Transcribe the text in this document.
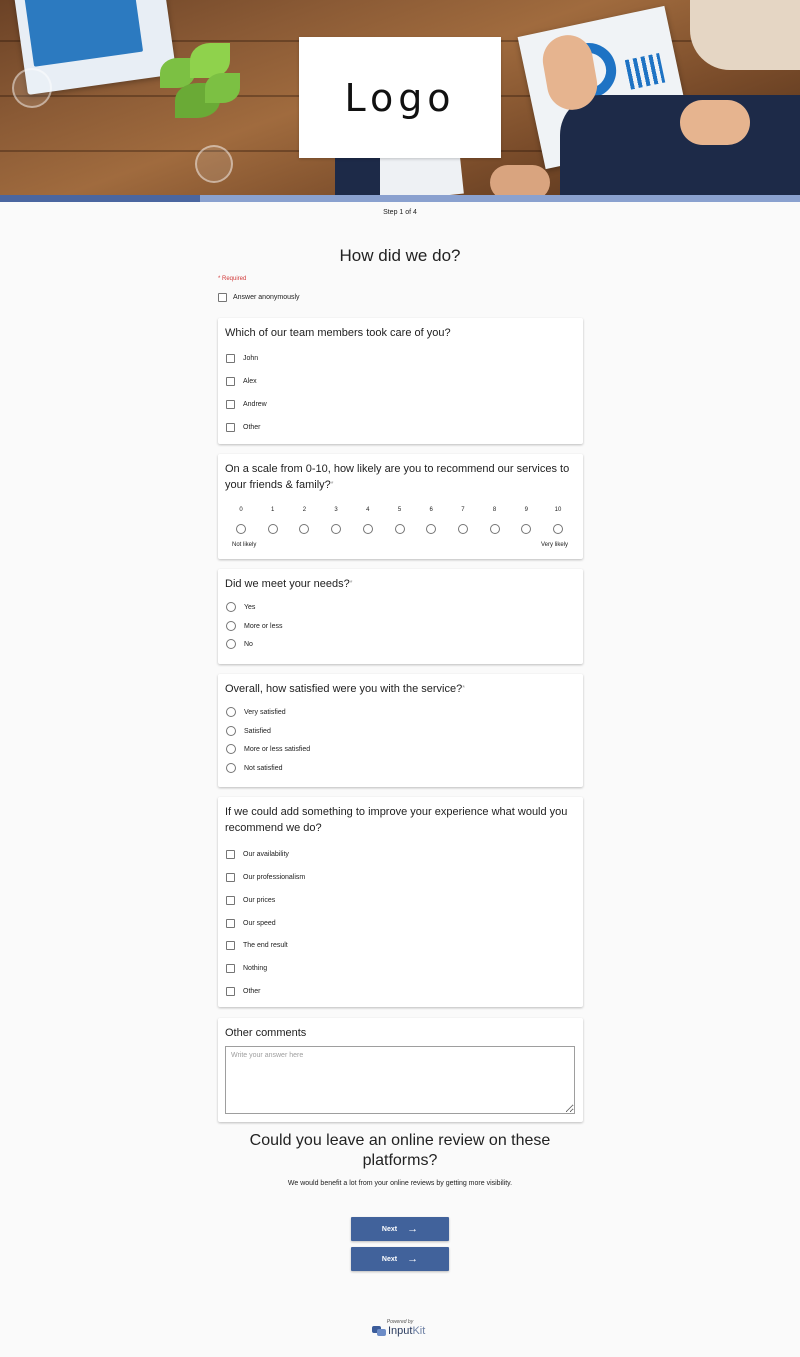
Logo
Step 1 of 4
How did we do?
* Required
Answer anonymously
Which of our team members took care of you?
John
Alex
Andrew
Other
On a scale from 0-10, how likely are you to recommend our services to your friends & family?*
0	1	2	3	4	5	6	7	8	9	10
Not likely	Very likely
Did we meet your needs?*
Yes
More or less
No
Overall, how satisfied were you with the service?*
Very satisfied
Satisfied
More or less satisfied
Not satisfied
If we could add something to improve your experience what would you recommend we do?
Our availability
Our professionalism
Our prices
Our speed
The end result
Nothing
Other
Other comments
Write your answer here
Could you leave an online review on these platforms?
We would benefit a lot from your online reviews by getting more visibility.
Next →
Next →
Powered by
InputKit
